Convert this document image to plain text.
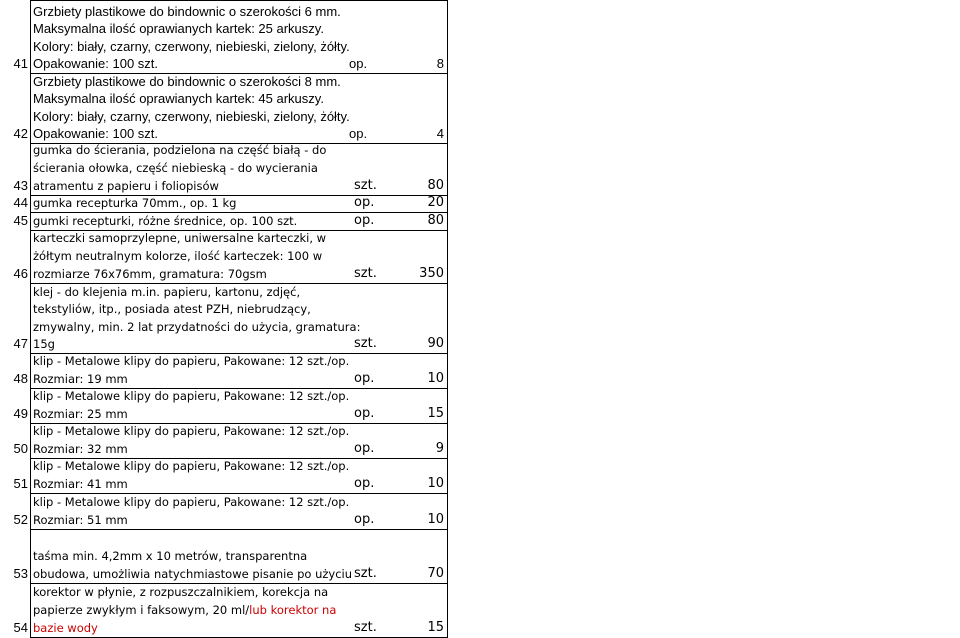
41
Grzbiety plastikowe do bindownic o szerokości 6 mm.
Maksymalna ilość oprawianych kartek: 25 arkuszy.
Kolory: biały, czarny, czerwony, niebieski, zielony, żółty.
Opakowanie: 100 szt.	op.	8
42
Grzbiety plastikowe do bindownic o szerokości 8 mm.
Maksymalna ilość oprawianych kartek: 45 arkuszy.
Kolory: biały, czarny, czerwony, niebieski, zielony, żółty.
Opakowanie: 100 szt.	op.	4
43
gumka do ścierania, podzielona na część białą - do
ścierania ołowka, część niebieską - do wycierania
atramentu z papieru i foliopisów	szt.	80
44 gumka recepturka 70mm., op. 1 kg	op.	20
45 gumki recepturki, różne średnice, op. 100 szt.	op.	80
46
karteczki samoprzylepne, uniwersalne karteczki, w
żółtym neutralnym kolorze, ilość karteczek: 100 w
rozmiarze 76x76mm, gramatura: 70gsm	szt.	350
47
klej - do klejenia m.in. papieru, kartonu, zdjęć,
tekstyliów, itp., posiada atest PZH, niebrudzący,
zmywalny, min. 2 lat przydatności do użycia, gramatura:
15g	szt.	90
48
klip - Metalowe klipy do papieru, Pakowane: 12 szt./op.
Rozmiar: 19 mm	op.	10
49
klip - Metalowe klipy do papieru, Pakowane: 12 szt./op.
Rozmiar: 25 mm	op.	15
50
klip - Metalowe klipy do papieru, Pakowane: 12 szt./op.
Rozmiar: 32 mm	op.	9
51
klip - Metalowe klipy do papieru, Pakowane: 12 szt./op.
Rozmiar: 41 mm	op.	10
52
klip - Metalowe klipy do papieru, Pakowane: 12 szt./op.
Rozmiar: 51 mm	op.	10
53
taśma min. 4,2mm x 10 metrów, transparentna
obudowa, umożliwia natychmiastowe pisanie po użyciu szt.	70
54
korektor w płynie, z rozpuszczalnikiem, korekcja na
papierze zwykłym i faksowym, 20 ml/lub korektor na
bazie wody	szt.	15
